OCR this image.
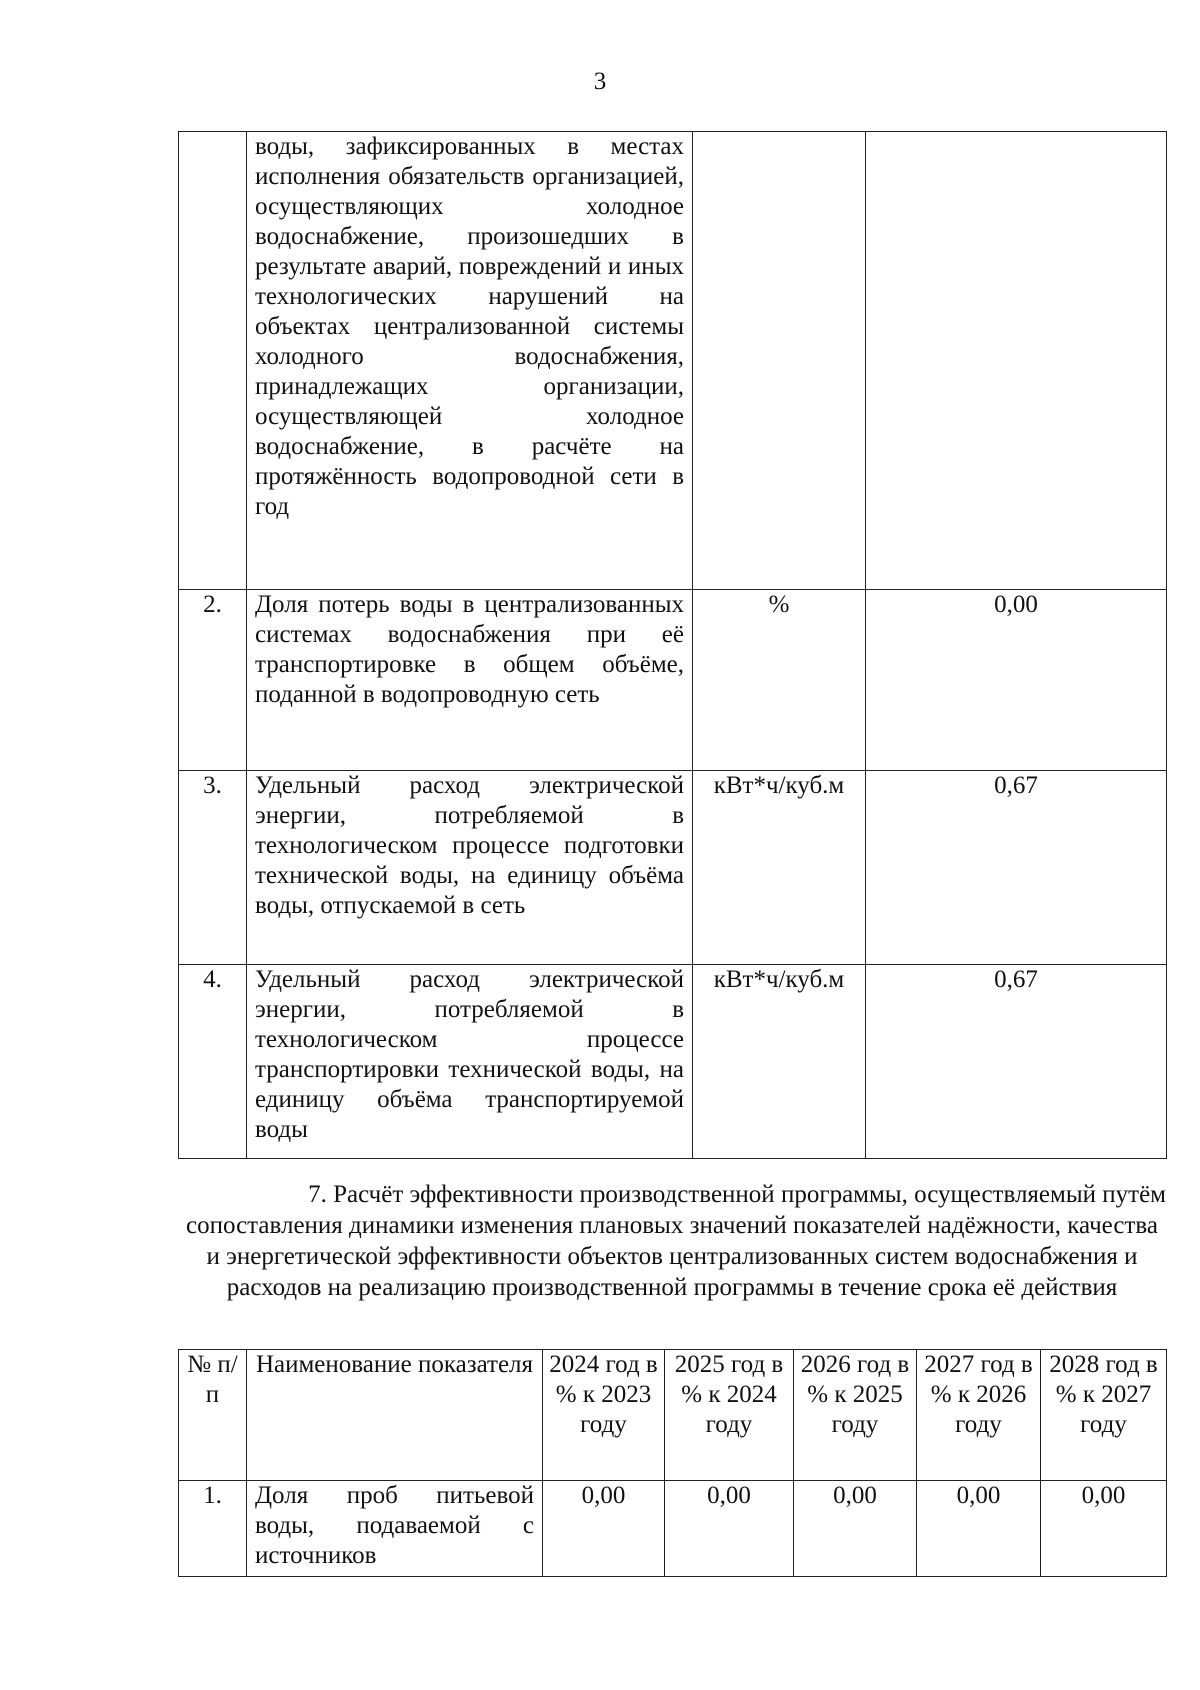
3
	воды, зафиксированных в местах исполнения обязательств организацией, осуществляющих холодное водоснабжение, произошедших в результате аварий, повреждений и иных технологических нарушений на объектах централизованной системы холодного водоснабжения, принадлежащих организации, осуществляющей холодное водоснабжение, в расчёте на протяжённость водопроводной сети в год		
2.	Доля потерь воды в централизованных системах водоснабжения при её транспортировке в общем объёме, поданной в водопроводную сеть	%	0,00
3.	Удельный расход электрической энергии, потребляемой в технологическом процессе подготовки технической воды, на единицу объёма воды, отпускаемой в сеть	кВт*ч/куб.м	0,67
4.	Удельный расход электрической энергии, потребляемой в технологическом процессе транспортировки технической воды, на единицу объёма транспортируемой воды	кВт*ч/куб.м	0,67
7. Расчёт эффективности производственной программы, осуществляемый путём
сопоставления динамики изменения плановых значений показателей надёжности, качества и энергетической эффективности объектов централизованных систем водоснабжения и расходов на реализацию производственной программы в течение срока её действия
№ п/п	Наименование показателя	2024 год в % к 2023 году	2025 год в % к 2024 году	2026 год в % к 2025 году	2027 год в % к 2026 году	2028 год в % к 2027 году
1.	Доля проб питьевой воды, подаваемой с источников	0,00	0,00	0,00	0,00	0,00
